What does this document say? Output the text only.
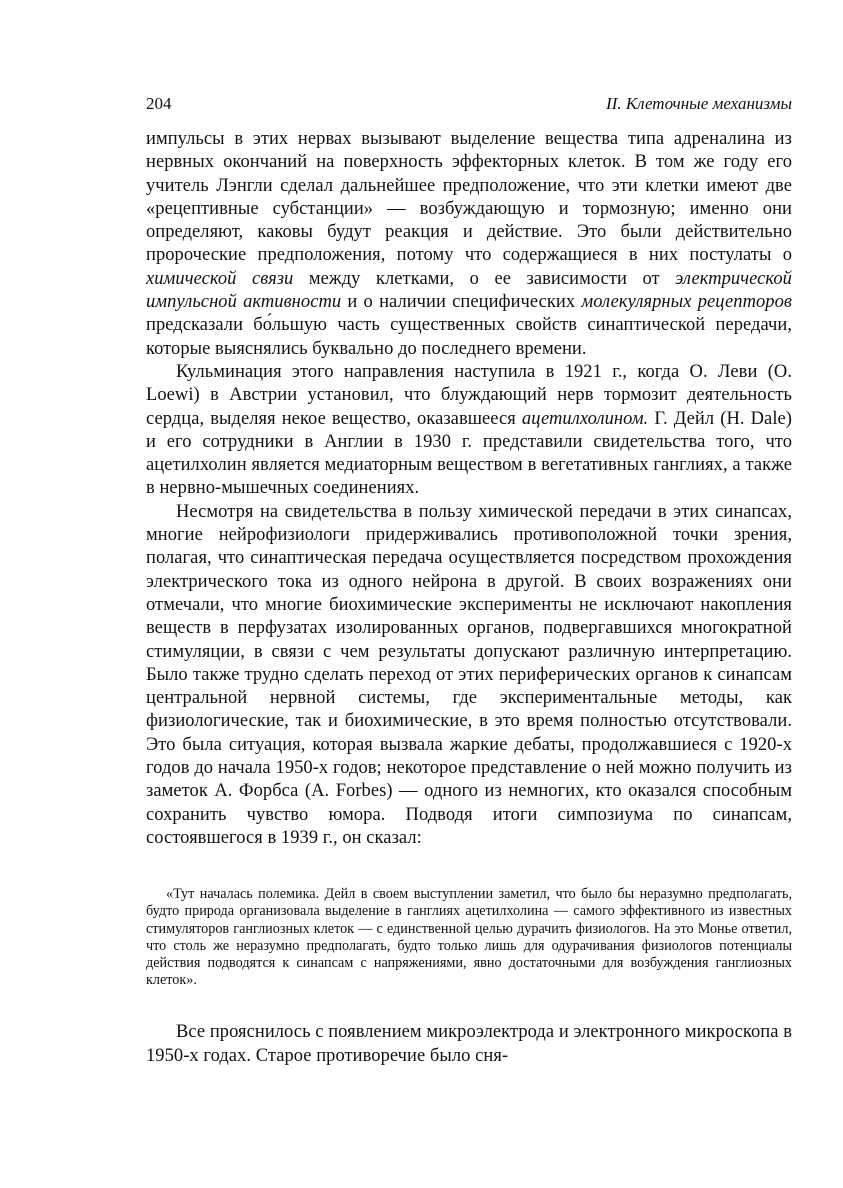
204	II. Клеточные механизмы

импульсы в этих нервах вызывают выделение вещества типа адреналина из нервных окончаний на поверхность эффекторных клеток. В том же году его учитель Лэнгли сделал дальнейшее предположение, что эти клетки имеют две «рецептивные субстанции» — возбуждающую и тормозную; именно они определяют, каковы будут реакция и действие. Это были действительно пророческие предположения, потому что содержащиеся в них постулаты о химической связи между клетками, о ее зависимости от электрической импульсной активности и о наличии специфических молекулярных рецепторов предсказали бо́льшую часть существенных свойств синаптической передачи, которые выяснялись буквально до последнего времени.

Кульминация этого направления наступила в 1921 г., когда О. Леви (O. Loewi) в Австрии установил, что блуждающий нерв тормозит деятельность сердца, выделяя некое вещество, оказавшееся ацетилхолином. Г. Дейл (H. Dale) и его сотрудники в Англии в 1930 г. представили свидетельства того, что ацетилхолин является медиаторным веществом в вегетативных ганглиях, а также в нервно-мышечных соединениях.

Несмотря на свидетельства в пользу химической передачи в этих синапсах, многие нейрофизиологи придерживались противоположной точки зрения, полагая, что синаптическая передача осуществляется посредством прохождения электрического тока из одного нейрона в другой. В своих возражениях они отмечали, что многие биохимические эксперименты не исключают накопления веществ в перфузатах изолированных органов, подвергавшихся многократной стимуляции, в связи с чем результаты допускают различную интерпретацию. Было также трудно сделать переход от этих периферических органов к синапсам центральной нервной системы, где экспериментальные методы, как физиологические, так и биохимические, в это время полностью отсутствовали. Это была ситуация, которая вызвала жаркие дебаты, продолжавшиеся с 1920-х годов до начала 1950-х годов; некоторое представление о ней можно получить из заметок А. Форбса (A. Forbes) — одного из немногих, кто оказался способным сохранить чувство юмора. Подводя итоги симпозиума по синапсам, состоявшегося в 1939 г., он сказал:

«Тут началась полемика. Дейл в своем выступлении заметил, что было бы неразумно предполагать, будто природа организовала выделение в ганглиях ацетилхолина — самого эффективного из известных стимуляторов ганглиозных клеток — с единственной целью дурачить физиологов. На это Монье ответил, что столь же неразумно предполагать, будто только лишь для одурачивания физиологов потенциалы действия подводятся к синапсам с напряжениями, явно достаточными для возбуждения ганглиозных клеток».

Все прояснилось с появлением микроэлектрода и электронного микроскопа в 1950-х годах. Старое противоречие было сня-
